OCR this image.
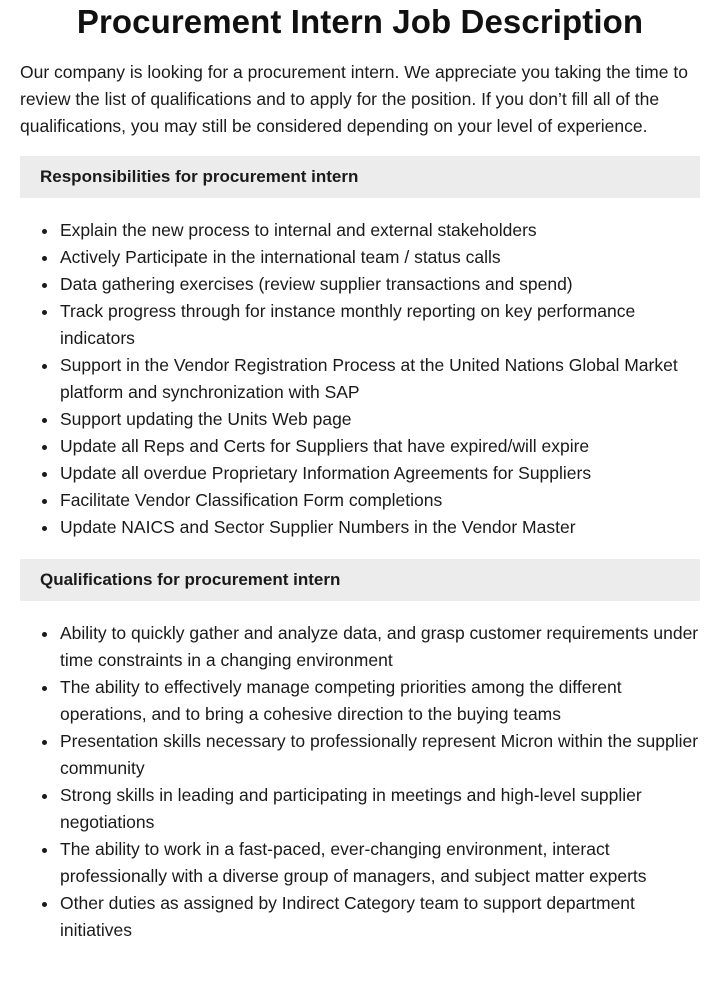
Procurement Intern Job Description

Our company is looking for a procurement intern. We appreciate you taking the time to review the list of qualifications and to apply for the position. If you don’t fill all of the qualifications, you may still be considered depending on your level of experience.

Responsibilities for procurement intern
Explain the new process to internal and external stakeholders
Actively Participate in the international team / status calls
Data gathering exercises (review supplier transactions and spend)
Track progress through for instance monthly reporting on key performance indicators
Support in the Vendor Registration Process at the United Nations Global Market platform and synchronization with SAP
Support updating the Units Web page
Update all Reps and Certs for Suppliers that have expired/will expire
Update all overdue Proprietary Information Agreements for Suppliers
Facilitate Vendor Classification Form completions
Update NAICS and Sector Supplier Numbers in the Vendor Master
Qualifications for procurement intern
Ability to quickly gather and analyze data, and grasp customer requirements under time constraints in a changing environment
The ability to effectively manage competing priorities among the different operations, and to bring a cohesive direction to the buying teams
Presentation skills necessary to professionally represent Micron within the supplier community
Strong skills in leading and participating in meetings and high-level supplier negotiations
The ability to work in a fast-paced, ever-changing environment, interact professionally with a diverse group of managers, and subject matter experts
Other duties as assigned by Indirect Category team to support department initiatives
